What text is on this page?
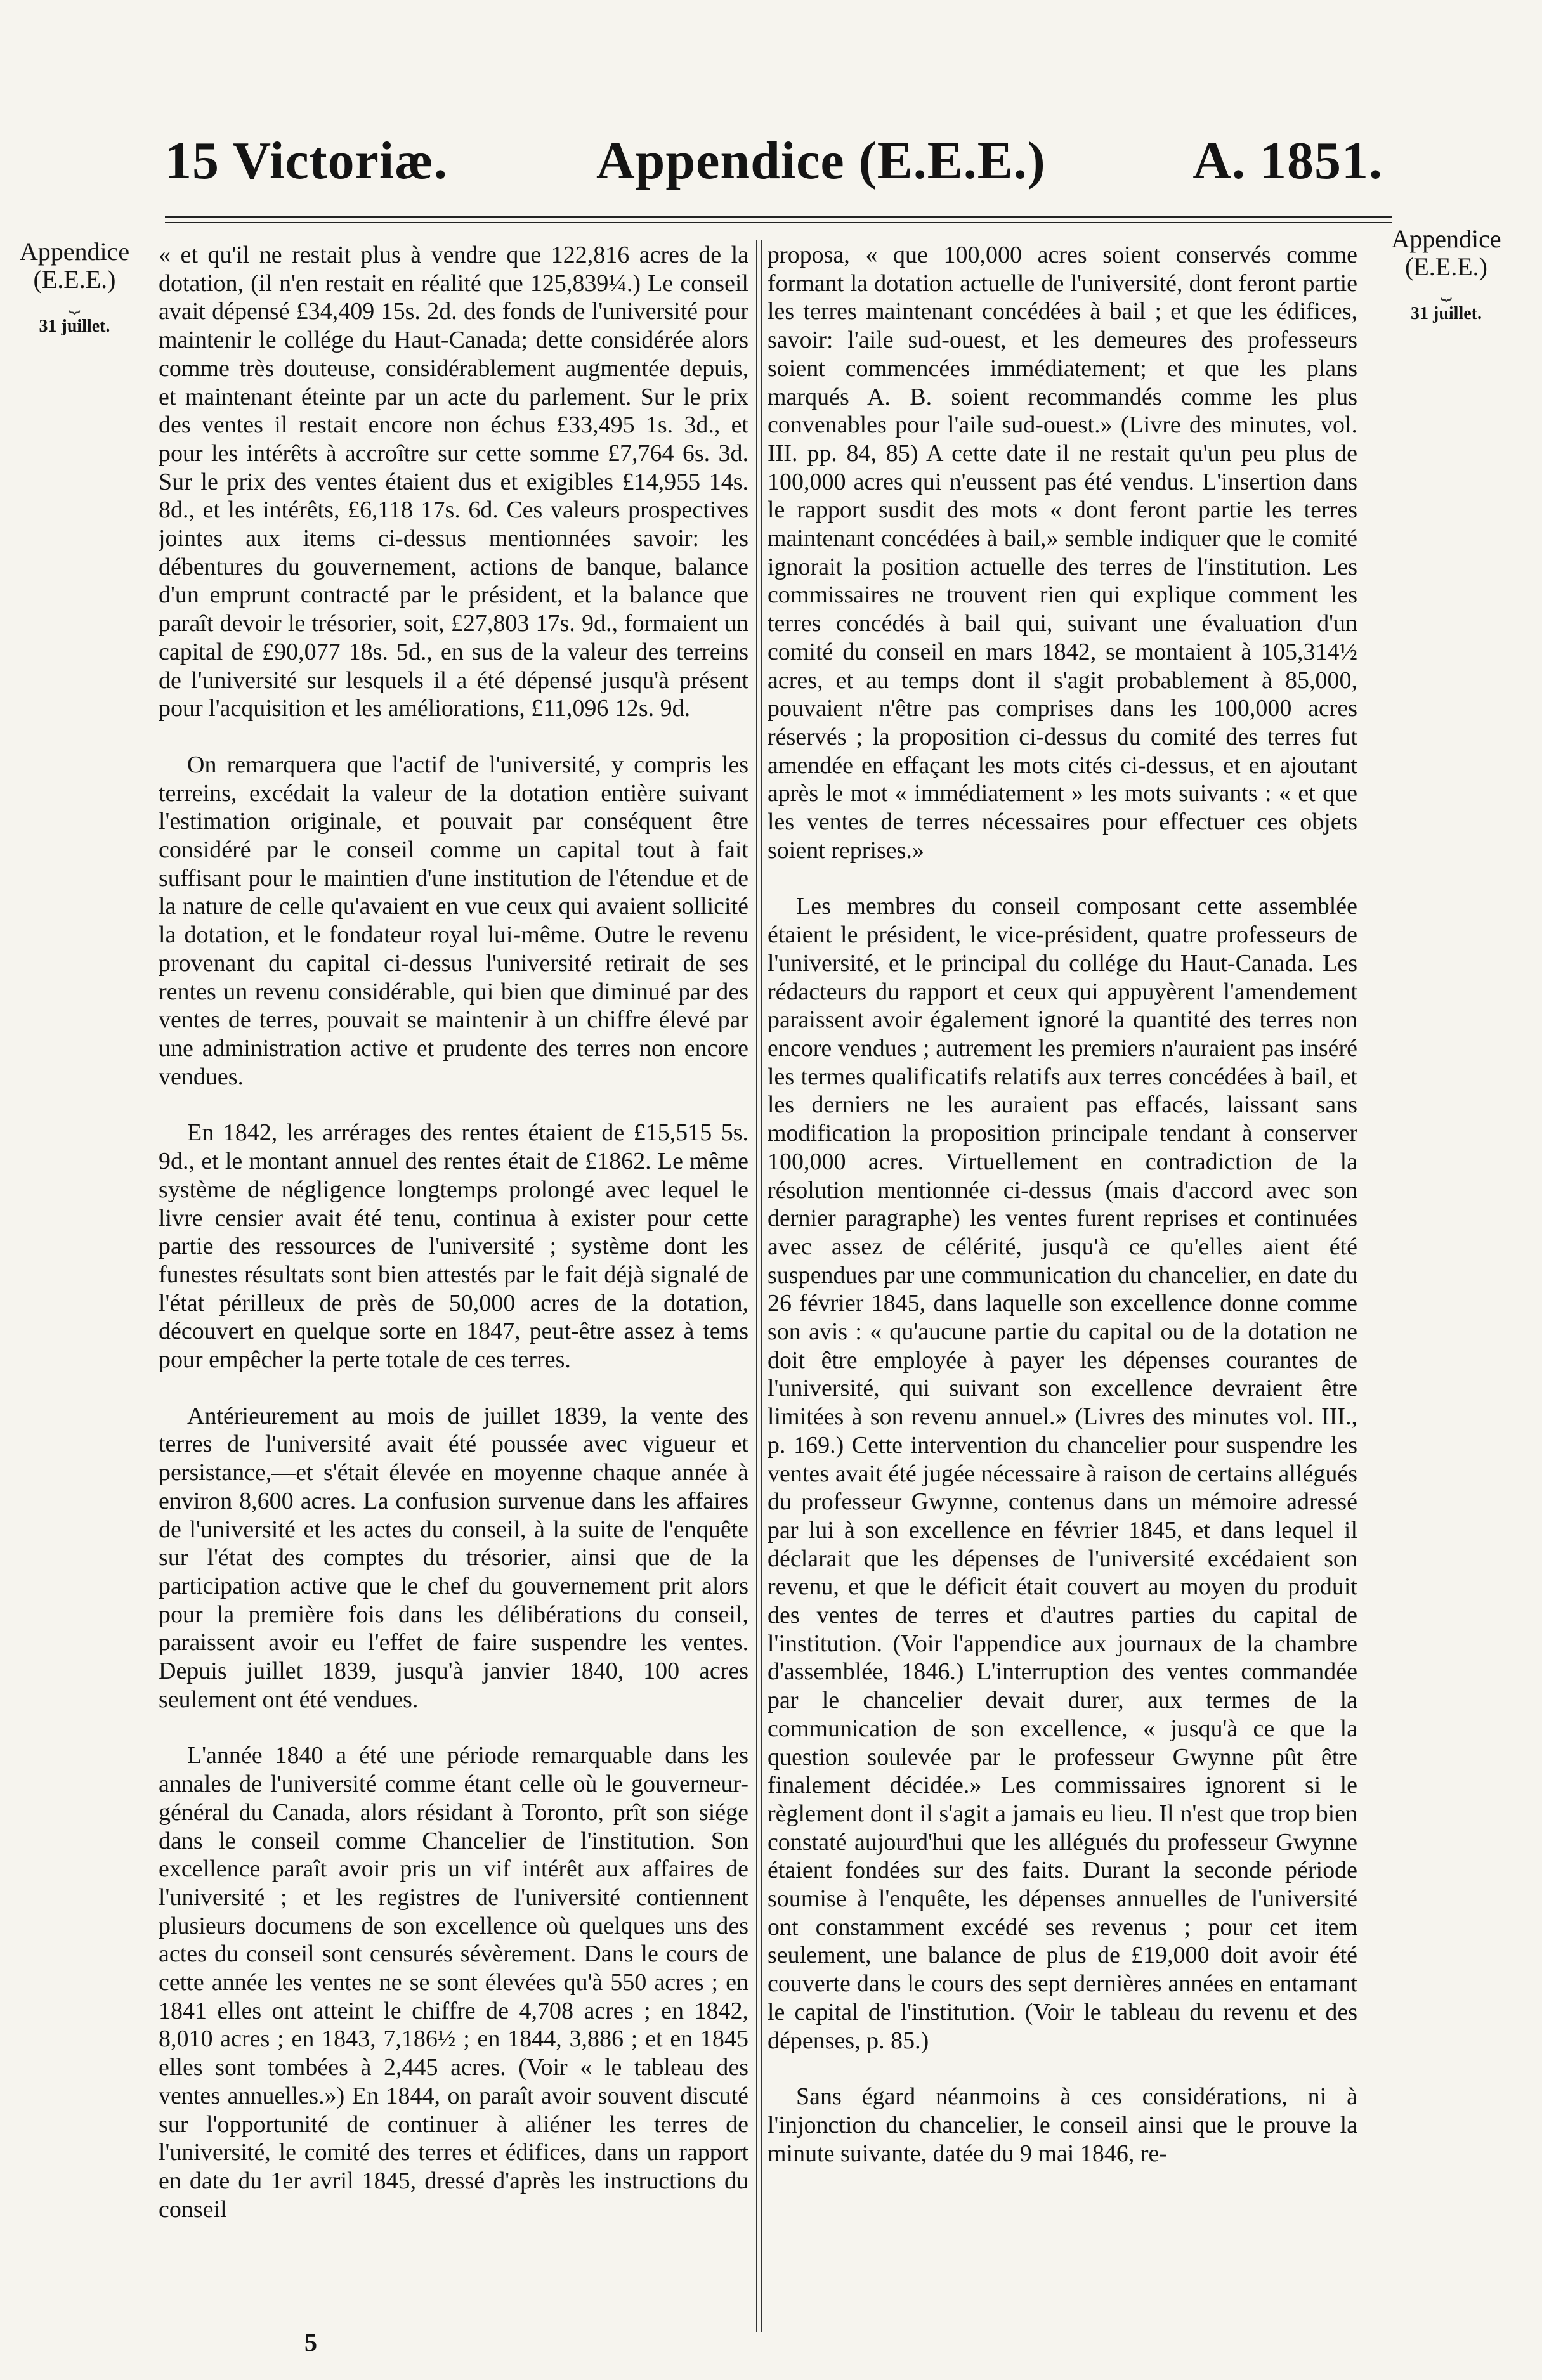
15 Victoriæ.	Appendice (E.E.E.)	A. 1851.
Appendice
(E.E.E.)
⏟
31 juillet.
Appendice
(E.E.E.)
⏟
31 juillet.

« et qu'il ne restait plus à vendre que 122,816 acres de la dotation, (il n'en restait en réalité que 125,839¼.) Le conseil avait dépensé £34,409 15s. 2d. des fonds de l'université pour maintenir le collége du Haut-Canada; dette considérée alors comme très douteuse, considérablement augmentée depuis, et maintenant éteinte par un acte du parlement. Sur le prix des ventes il restait encore non échus £33,495 1s. 3d., et pour les intérêts à accroître sur cette somme £7,764 6s. 3d. Sur le prix des ventes étaient dus et exigibles £14,955 14s. 8d., et les intérêts, £6,118 17s. 6d. Ces valeurs prospectives jointes aux items ci-dessus mentionnées savoir: les débentures du gouvernement, actions de banque, balance d'un emprunt contracté par le président, et la balance que paraît devoir le trésorier, soit, £27,803 17s. 9d., formaient un capital de £90,077 18s. 5d., en sus de la valeur des terreins de l'université sur lesquels il a été dépensé jusqu'à présent pour l'acquisition et les améliorations, £11,096 12s. 9d.

On remarquera que l'actif de l'université, y compris les terreins, excédait la valeur de la dotation entière suivant l'estimation originale, et pouvait par conséquent être considéré par le conseil comme un capital tout à fait suffisant pour le maintien d'une institution de l'étendue et de la nature de celle qu'avaient en vue ceux qui avaient sollicité la dotation, et le fondateur royal lui-même. Outre le revenu provenant du capital ci-dessus l'université retirait de ses rentes un revenu considérable, qui bien que diminué par des ventes de terres, pouvait se maintenir à un chiffre élevé par une administration active et prudente des terres non encore vendues.

En 1842, les arrérages des rentes étaient de £15,515 5s. 9d., et le montant annuel des rentes était de £1862. Le même système de négligence longtemps prolongé avec lequel le livre censier avait été tenu, continua à exister pour cette partie des ressources de l'université ; système dont les funestes résultats sont bien attestés par le fait déjà signalé de l'état périlleux de près de 50,000 acres de la dotation, découvert en quelque sorte en 1847, peut-être assez à tems pour empêcher la perte totale de ces terres.

Antérieurement au mois de juillet 1839, la vente des terres de l'université avait été poussée avec vigueur et persistance,—et s'était élevée en moyenne chaque année à environ 8,600 acres. La confusion survenue dans les affaires de l'université et les actes du conseil, à la suite de l'enquête sur l'état des comptes du trésorier, ainsi que de la participation active que le chef du gouvernement prit alors pour la première fois dans les délibérations du conseil, paraissent avoir eu l'effet de faire suspendre les ventes. Depuis juillet 1839, jusqu'à janvier 1840, 100 acres seulement ont été vendues.

L'année 1840 a été une période remarquable dans les annales de l'université comme étant celle où le gouverneur-général du Canada, alors résidant à Toronto, prît son siége dans le conseil comme Chancelier de l'institution. Son excellence paraît avoir pris un vif intérêt aux affaires de l'université ; et les registres de l'université contiennent plusieurs documens de son excellence où quelques uns des actes du conseil sont censurés sévèrement. Dans le cours de cette année les ventes ne se sont élevées qu'à 550 acres ; en 1841 elles ont atteint le chiffre de 4,708 acres ; en 1842, 8,010 acres ; en 1843, 7,186½ ; en 1844, 3,886 ; et en 1845 elles sont tombées à 2,445 acres. (Voir « le tableau des ventes annuelles.») En 1844, on paraît avoir souvent discuté sur l'opportunité de continuer à aliéner les terres de l'université, le comité des terres et édifices, dans un rapport en date du 1er avril 1845, dressé d'après les instructions du conseil

proposa, « que 100,000 acres soient conservés comme formant la dotation actuelle de l'université, dont feront partie les terres maintenant concédées à bail ; et que les édifices, savoir: l'aile sud-ouest, et les demeures des professeurs soient commencées immédiatement; et que les plans marqués A. B. soient recommandés comme les plus convenables pour l'aile sud-ouest.» (Livre des minutes, vol. III. pp. 84, 85) A cette date il ne restait qu'un peu plus de 100,000 acres qui n'eussent pas été vendus. L'insertion dans le rapport susdit des mots « dont feront partie les terres maintenant concédées à bail,» semble indiquer que le comité ignorait la position actuelle des terres de l'institution. Les commissaires ne trouvent rien qui explique comment les terres concédés à bail qui, suivant une évaluation d'un comité du conseil en mars 1842, se montaient à 105,314½ acres, et au temps dont il s'agit probablement à 85,000, pouvaient n'être pas comprises dans les 100,000 acres réservés ; la proposition ci-dessus du comité des terres fut amendée en effaçant les mots cités ci-dessus, et en ajoutant après le mot « immédiatement » les mots suivants : « et que les ventes de terres nécessaires pour effectuer ces objets soient reprises.»

Les membres du conseil composant cette assemblée étaient le président, le vice-président, quatre professeurs de l'université, et le principal du collége du Haut-Canada. Les rédacteurs du rapport et ceux qui appuyèrent l'amendement paraissent avoir également ignoré la quantité des terres non encore vendues ; autrement les premiers n'auraient pas inséré les termes qualificatifs relatifs aux terres concédées à bail, et les derniers ne les auraient pas effacés, laissant sans modification la proposition principale tendant à conserver 100,000 acres. Virtuellement en contradiction de la résolution mentionnée ci-dessus (mais d'accord avec son dernier paragraphe) les ventes furent reprises et continuées avec assez de célérité, jusqu'à ce qu'elles aient été suspendues par une communication du chancelier, en date du 26 février 1845, dans laquelle son excellence donne comme son avis : « qu'aucune partie du capital ou de la dotation ne doit être employée à payer les dépenses courantes de l'université, qui suivant son excellence devraient être limitées à son revenu annuel.» (Livres des minutes vol. III., p. 169.) Cette intervention du chancelier pour suspendre les ventes avait été jugée nécessaire à raison de certains allégués du professeur Gwynne, contenus dans un mémoire adressé par lui à son excellence en février 1845, et dans lequel il déclarait que les dépenses de l'université excédaient son revenu, et que le déficit était couvert au moyen du produit des ventes de terres et d'autres parties du capital de l'institution. (Voir l'appendice aux journaux de la chambre d'assemblée, 1846.) L'interruption des ventes commandée par le chancelier devait durer, aux termes de la communication de son excellence, « jusqu'à ce que la question soulevée par le professeur Gwynne pût être finalement décidée.» Les commissaires ignorent si le règlement dont il s'agit a jamais eu lieu. Il n'est que trop bien constaté aujourd'hui que les allégués du professeur Gwynne étaient fondées sur des faits. Durant la seconde période soumise à l'enquête, les dépenses annuelles de l'université ont constamment excédé ses revenus ; pour cet item seulement, une balance de plus de £19,000 doit avoir été couverte dans le cours des sept dernières années en entamant le capital de l'institution. (Voir le tableau du revenu et des dépenses, p. 85.)

Sans égard néanmoins à ces considérations, ni à l'injonction du chancelier, le conseil ainsi que le prouve la minute suivante, datée du 9 mai 1846, re-

5
